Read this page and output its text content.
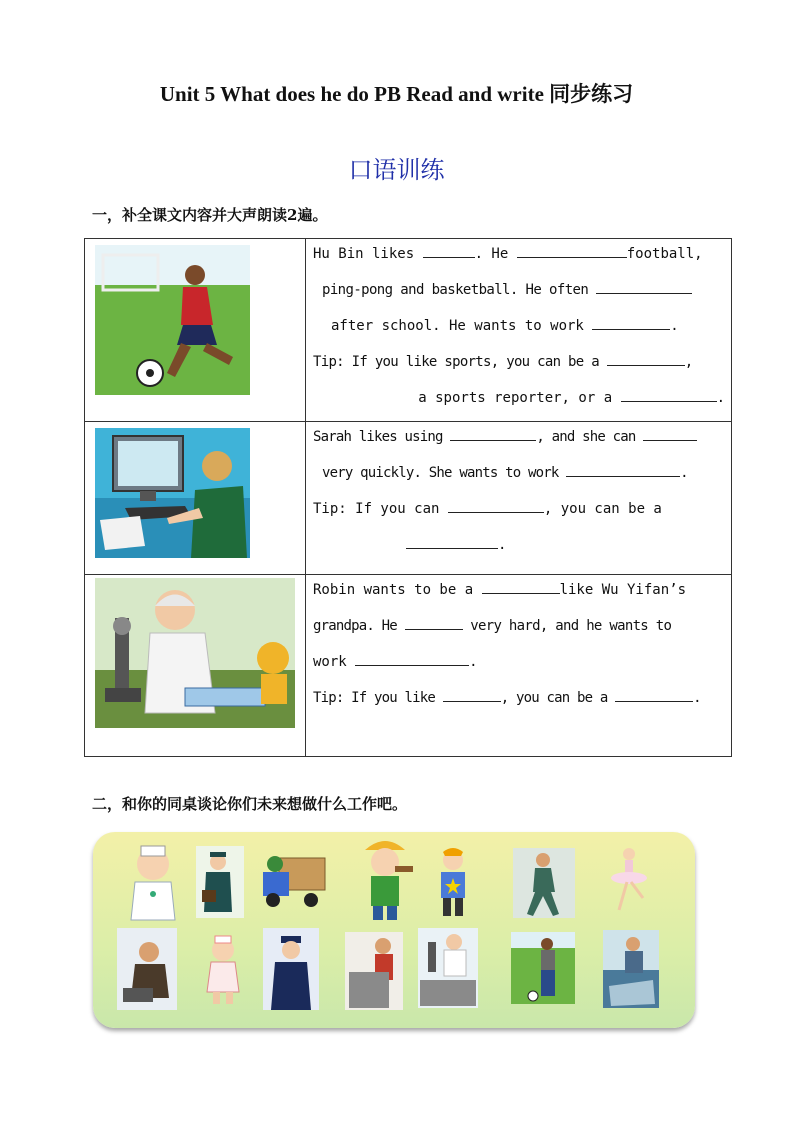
Unit 5 What does he do PB Read and write 同步练习
口语训练
一，补全课文内容并大声朗读2遍。

Hu Bin likes . He football,
ping-pong and basketball. He often
after school. He wants to work .
Tip: If you like sports, you can be a ,
a sports reporter, or a .

Sarah likes using , and she can
very quickly. She wants to work .
Tip: If you can , you can be a
.

Robin wants to be a like Wu Yifan’s
grandpa. He very hard, and he wants to
work .
Tip: If you like , you can be a .
二，和你的同桌谈论你们未来想做什么工作吧。
